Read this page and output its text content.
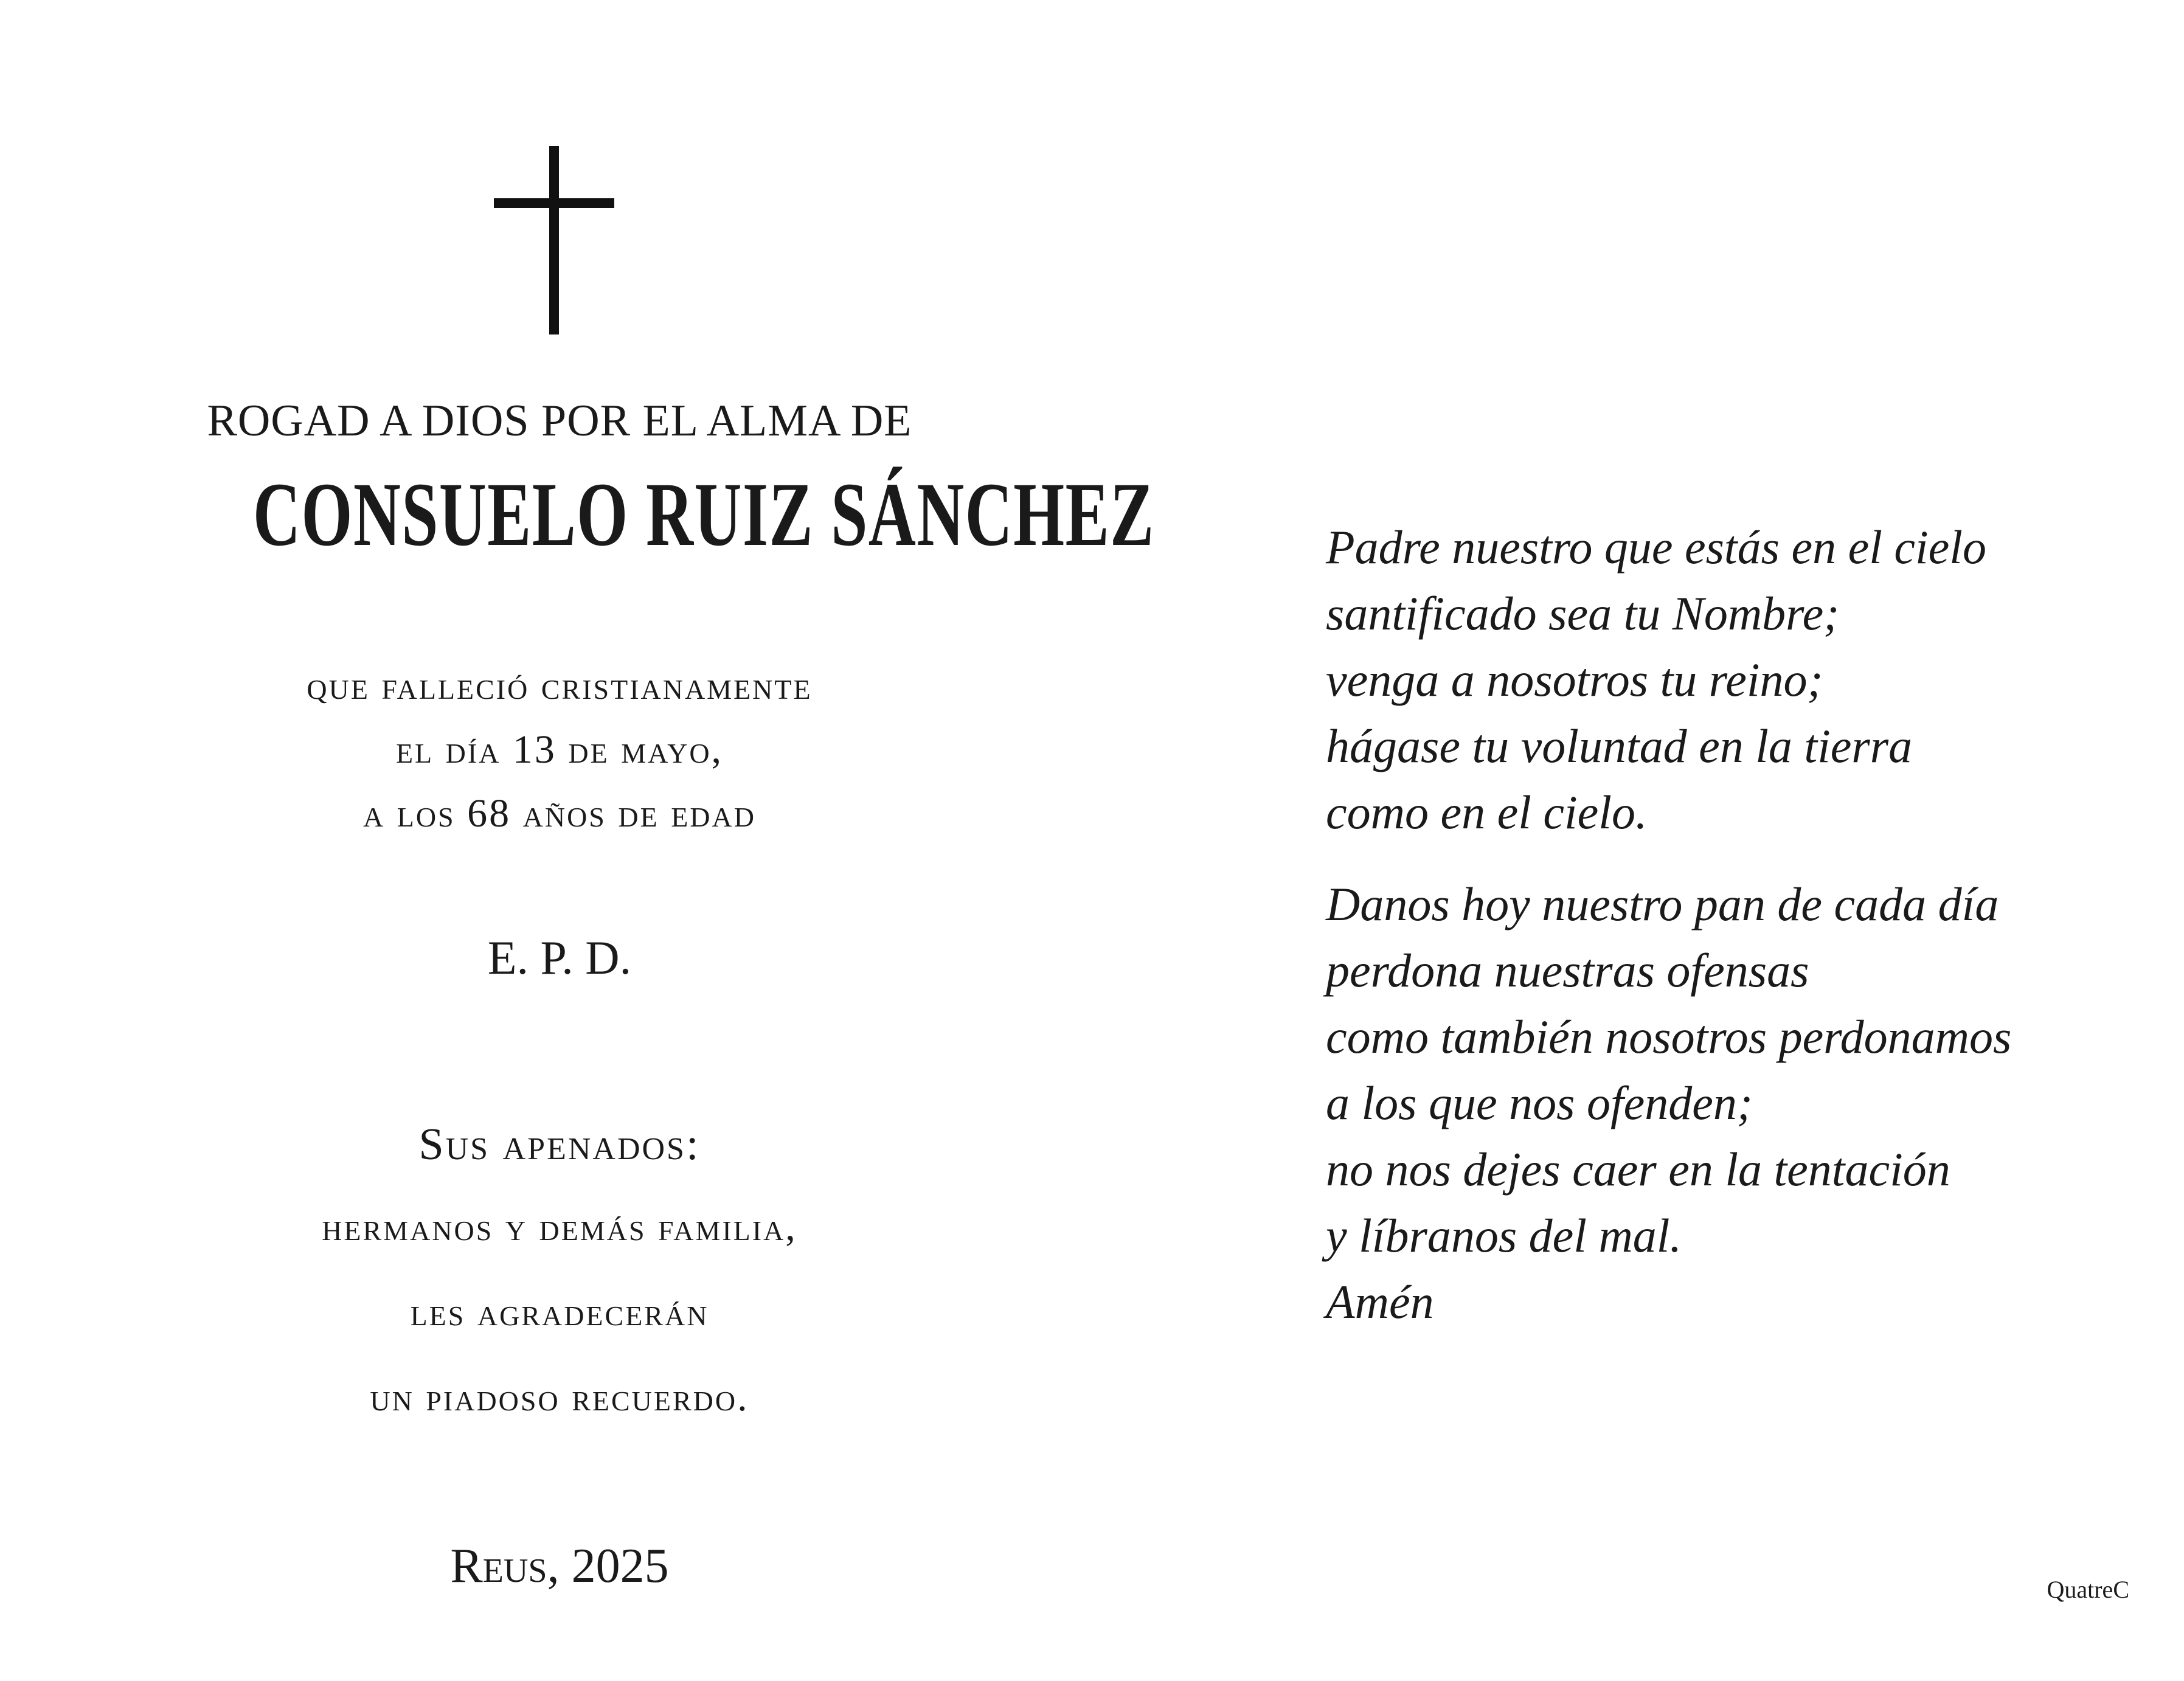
ROGAD A DIOS POR EL ALMA DE
CONSUELO RUIZ SÁNCHEZ
que falleció cristianamente
el día 13 de mayo,
a los 68 años de edad
E. P. D.
Sus apenados:
hermanos y demás familia,
les agradecerán
un piadoso recuerdo.
Reus, 2025

Padre nuestro que estás en el cielo
santificado sea tu Nombre;
venga a nosotros tu reino;
hágase tu voluntad en la tierra
como en el cielo.

Danos hoy nuestro pan de cada día
perdona nuestras ofensas
como también nosotros perdonamos
a los que nos ofenden;
no nos dejes caer en la tentación
y líbranos del mal.
Amén

QuatreC
